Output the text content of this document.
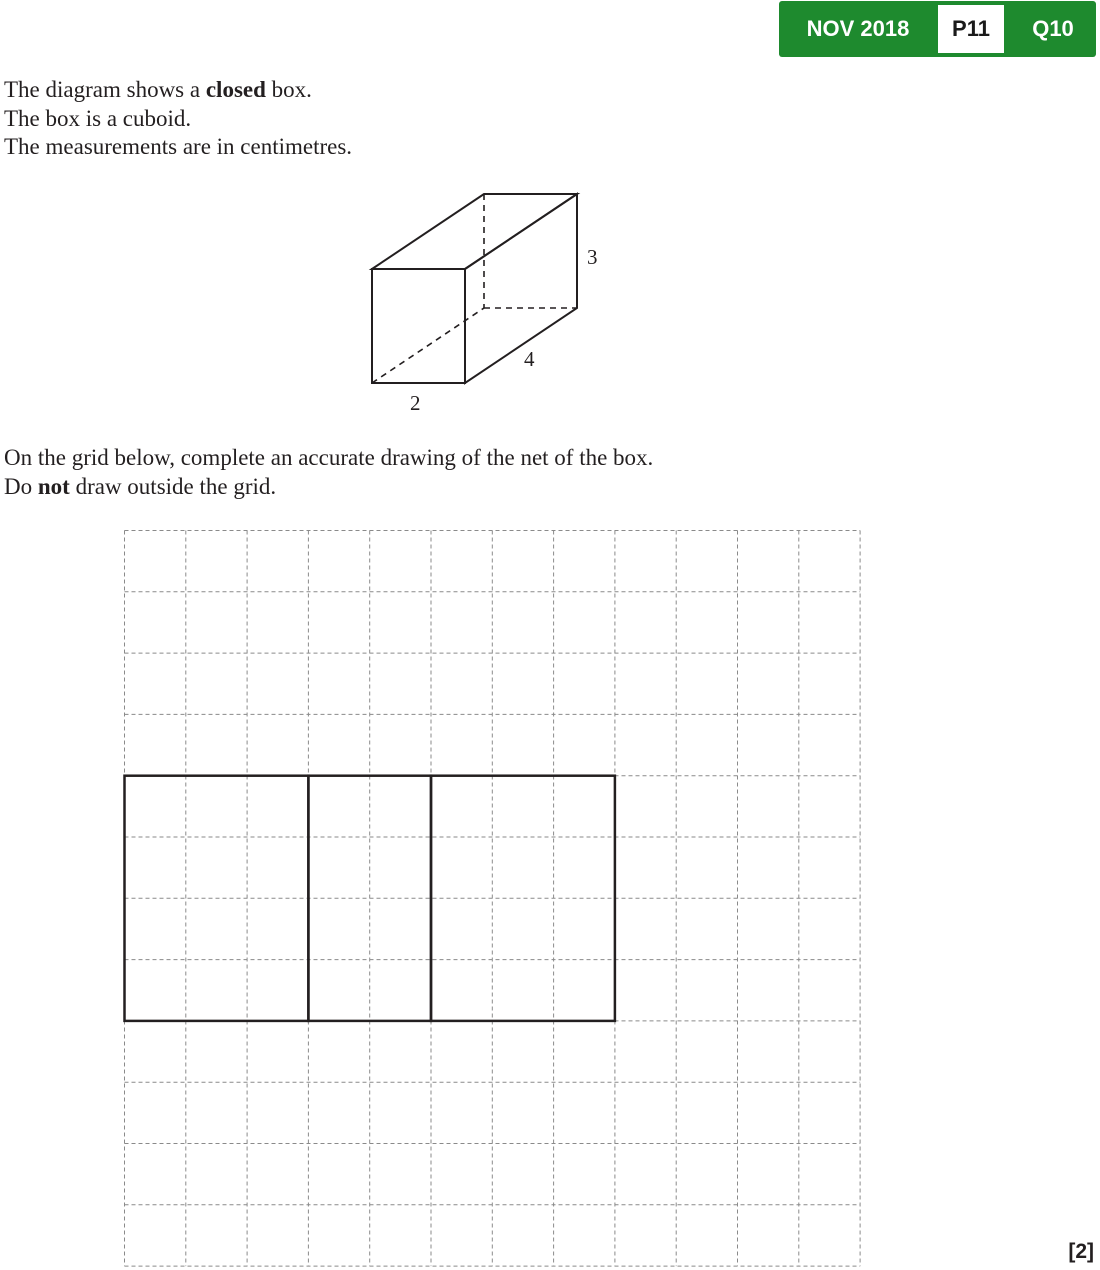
NOV 2018	P11	Q10

The diagram shows a closed box.

The box is a cuboid.

The measurements are in centimetres.

2
4
3

On the grid below, complete an accurate drawing of the net of the box.

Do not draw outside the grid.

[2]
